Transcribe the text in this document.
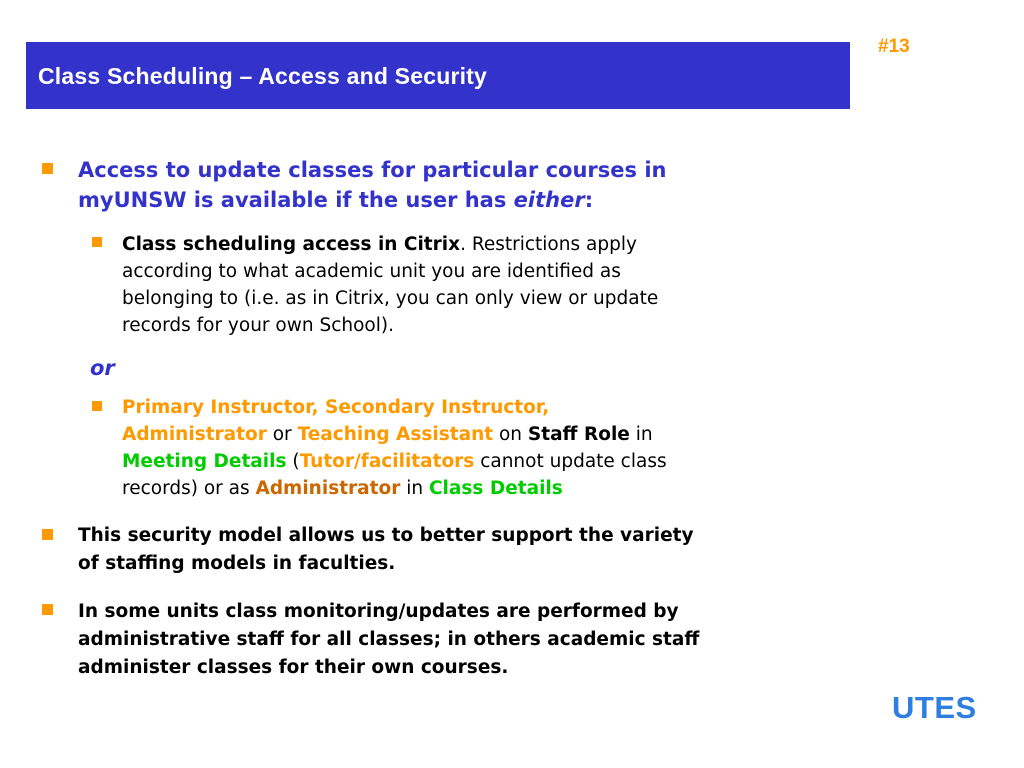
Class Scheduling – Access and Security
#13
Access to update classes for particular courses in
myUNSW is available if the user has either:
Class scheduling access in Citrix. Restrictions apply
according to what academic unit you are identified as
belonging to (i.e. as in Citrix, you can only view or update
records for your own School).
or
Primary Instructor, Secondary Instructor,
Administrator or Teaching Assistant on Staff Role in
Meeting Details (Tutor/facilitators cannot update class
records) or as Administrator in Class Details
This security model allows us to better support the variety
of staffing models in faculties.
In some units class monitoring/updates are performed by
administrative staff for all classes; in others academic staff
administer classes for their own courses.
UTES
